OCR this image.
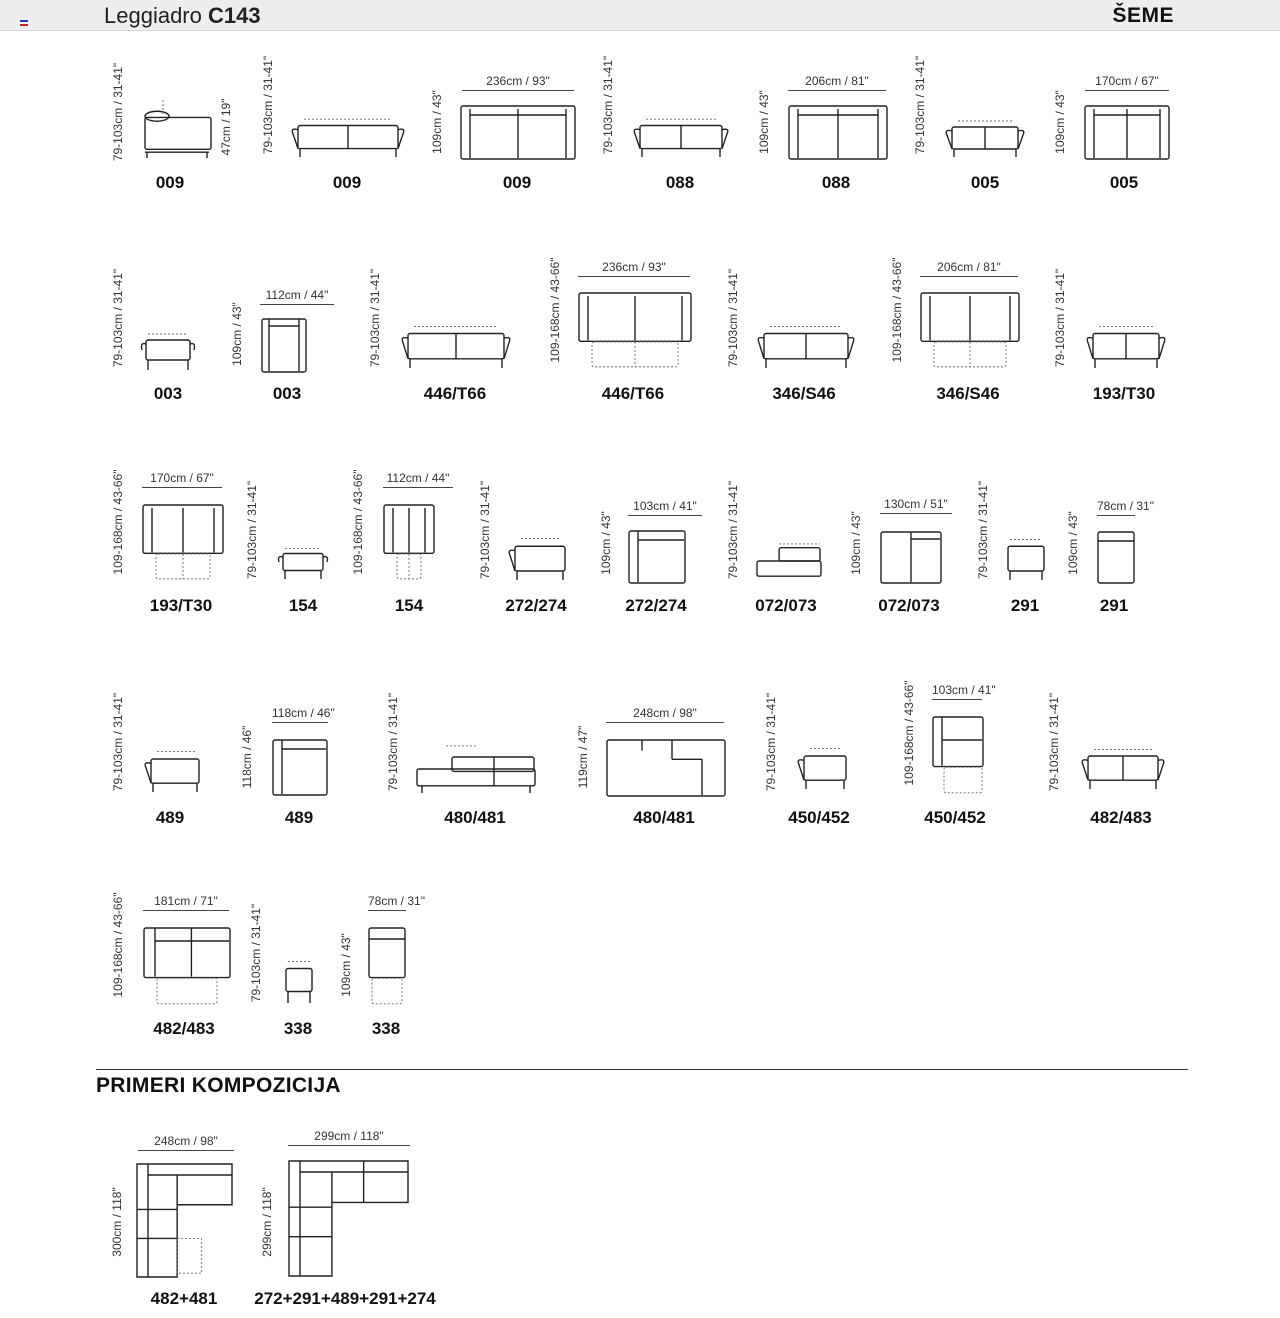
Leggiadro C143	ŠEME
79-103cm / 31-41"	47cm / 19"
009
79-103cm / 31-41"
009
109cm / 43"
236cm / 93"
009
79-103cm / 31-41"
088
109cm / 43"
206cm / 81"
088
79-103cm / 31-41"
005
109cm / 43"
170cm / 67"
005
79-103cm / 31-41"
003
109cm / 43"
112cm / 44"
003
79-103cm / 31-41"
446/T66
109-168cm / 43-66"	236cm / 93"
446/T66
79-103cm / 31-41"
346/S46
109-168cm / 43-66"	206cm / 81"
346/S46
79-103cm / 31-41"
193/T30
109-168cm / 43-66"	170cm / 67"
193/T30
79-103cm / 31-41"
154
109-168cm / 43-66"	112cm / 44"
154
79-103cm / 31-41"
272/274
109cm / 43"
103cm / 41"
272/274
79-103cm / 31-41"
072/073
109cm / 43"
130cm / 51"
072/073
79-103cm / 31-41"
291
109cm / 43"
78cm / 31"
291
79-103cm / 31-41"
489
118cm / 46"
118cm / 46"
489
79-103cm / 31-41"
480/481
119cm / 47"
248cm / 98"
480/481
79-103cm / 31-41"
450/452
109-168cm / 43-66" 103cm / 41"
450/452
79-103cm / 31-41"
482/483
109-168cm / 43-66"	181cm / 71"
482/483
79-103cm / 31-41"
338
109cm / 43"
78cm / 31"
338
PRIMERI KOMPOZICIJA
248cm / 98"
300cm / 118"
482+481
299cm / 118"
299cm / 118"
272+291+489+291+274
